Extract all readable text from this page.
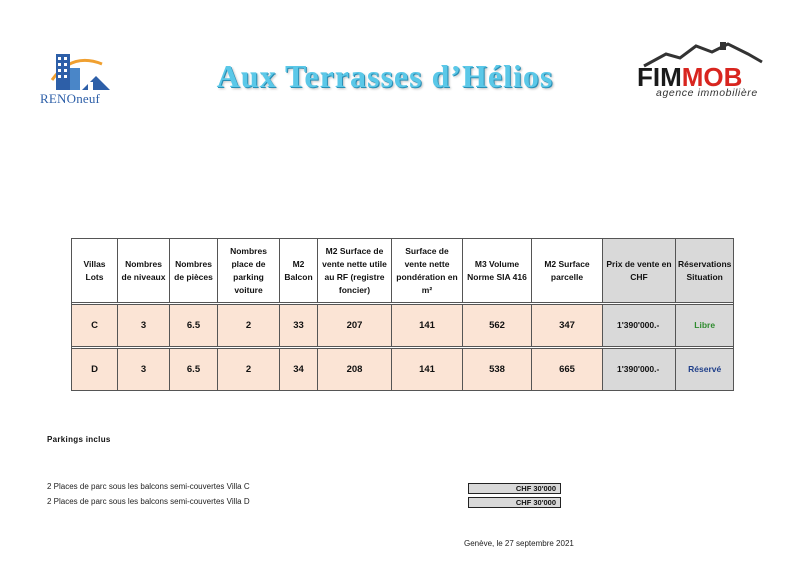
RENOneuf
Aux Terrasses d’Hélios	FIMMOB
agence immobilière
Villas Lots	Nombres de niveaux	Nombres de pièces	Nombres place de parking voiture	M2 Balcon	M2 Surface de vente nette utile au RF (registre foncier)	Surface de vente nette pondération en m²	M3 Volume Norme SIA 416	M2 Surface parcelle	Prix de vente en CHF	Réservations Situation

C	3	6.5	2	33	207	141	562	347	1'390'000.-	Libre

D	3	6.5	2	34	208	141	538	665	1'390'000.-	Réservé
Parkings inclus
2 Places de parc sous les balcons semi-couvertes Villa C	CHF 30'000
2 Places de parc sous les balcons semi-couvertes Villa D	CHF 30'000
Genève, le 27 septembre 2021
